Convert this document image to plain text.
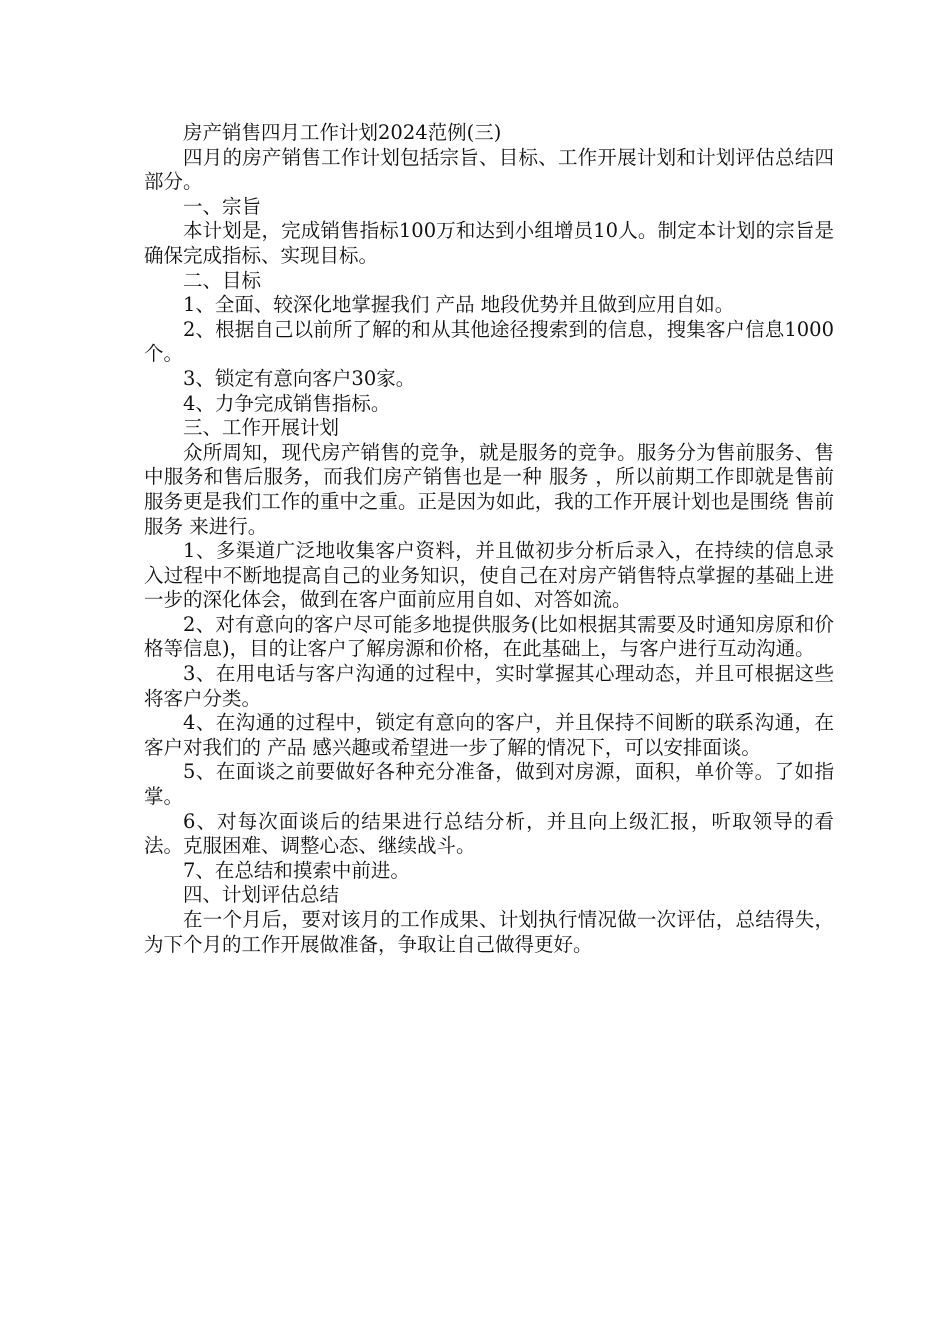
房产销售四月工作计划2024范例(三)

四月的房产销售工作计划包括宗旨、目标、工作开展计划和计划评估总结四部分。

一、宗旨

本计划是，完成销售指标100万和达到小组增员10人。制定本计划的宗旨是确保完成指标、实现目标。

二、目标

1、全面、较深化地掌握我们 产品 地段优势并且做到应用自如。

2、根据自己以前所了解的和从其他途径搜索到的信息，搜集客户信息1000个。

3、锁定有意向客户30家。

4、力争完成销售指标。

三、工作开展计划

众所周知，现代房产销售的竞争，就是服务的竞争。服务分为售前服务、售中服务和售后服务，而我们房产销售也是一种 服务 ，所以前期工作即就是售前服务更是我们工作的重中之重。正是因为如此，我的工作开展计划也是围绕 售前服务 来进行。

1、多渠道广泛地收集客户资料，并且做初步分析后录入，在持续的信息录入过程中不断地提高自己的业务知识，使自己在对房产销售特点掌握的基础上进一步的深化体会，做到在客户面前应用自如、对答如流。

2、对有意向的客户尽可能多地提供服务(比如根据其需要及时通知房原和价格等信息)，目的让客户了解房源和价格，在此基础上，与客户进行互动沟通。

3、在用电话与客户沟通的过程中，实时掌握其心理动态，并且可根据这些将客户分类。

4、在沟通的过程中，锁定有意向的客户，并且保持不间断的联系沟通，在客户对我们的 产品 感兴趣或希望进一步了解的情况下，可以安排面谈。

5、在面谈之前要做好各种充分准备，做到对房源，面积，单价等。了如指掌。

6、对每次面谈后的结果进行总结分析，并且向上级汇报，听取领导的看法。克服困难、调整心态、继续战斗。

7、在总结和摸索中前进。

四、计划评估总结

在一个月后，要对该月的工作成果、计划执行情况做一次评估，总结得失，为下个月的工作开展做准备，争取让自己做得更好。
